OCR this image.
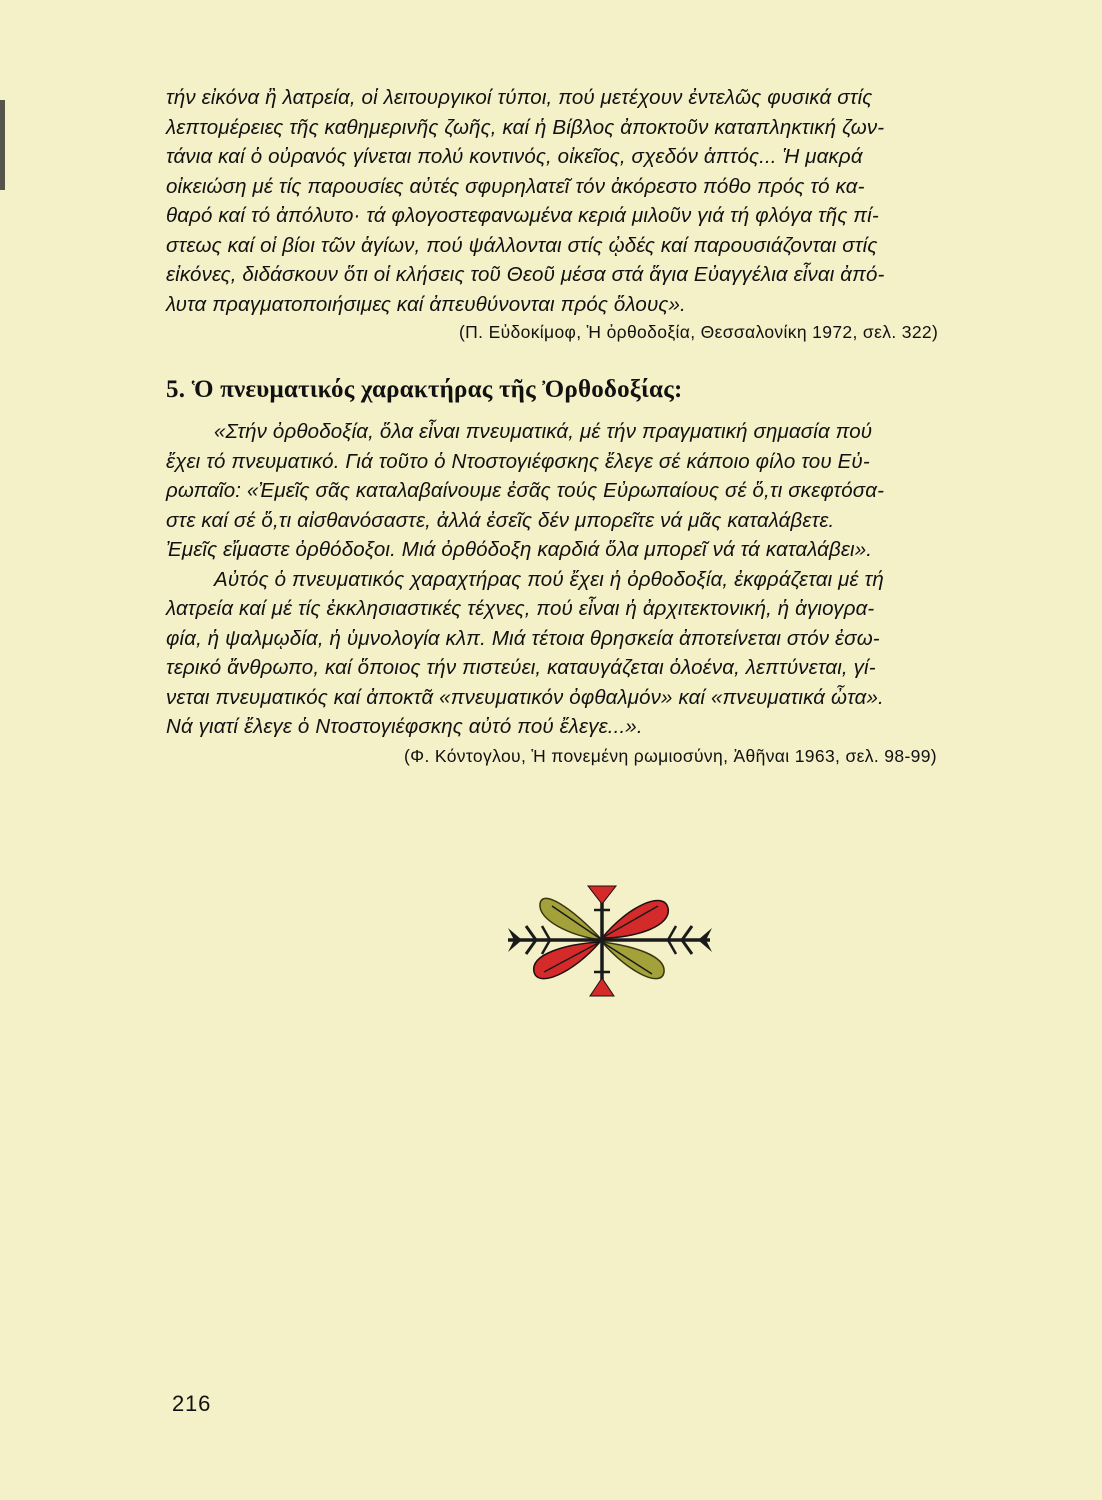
τήν εἰκόνα ἢ λατρεία, οἱ λειτουργικοί τύποι, πού μετέχουν ἐντελῶς φυσικά στίς
λεπτομέρειες τῆς καθημερινῆς ζωῆς, καί ἡ Βίβλος ἀποκτοῦν καταπληκτική ζων-
τάνια καί ὁ οὐρανός γίνεται πολύ κοντινός, οἰκεῖος, σχεδόν ἁπτός... Ἡ μακρά
οἰκειώση μέ τίς παρουσίες αὐτές σφυρηλατεῖ τόν ἀκόρεστο πόθο πρός τό κα-
θαρό καί τό ἀπόλυτο· τά φλογοστεφανωμένα κεριά μιλοῦν γιά τή φλόγα τῆς πί-
στεως καί οἱ βίοι τῶν ἁγίων, πού ψάλλονται στίς ᾠδές καί παρουσιάζονται στίς
εἰκόνες, διδάσκουν ὅτι οἱ κλήσεις τοῦ Θεοῦ μέσα στά ἅγια Εὐαγγέλια εἶναι ἀπό-
λυτα πραγματοποιήσιμες καί ἀπευθύνονται πρός ὅλους».
(Π. Εὐδοκίμοφ, Ἡ ὀρθοδοξία, Θεσσαλονίκη 1972, σελ. 322)
5. Ὁ πνευματικός χαρακτήρας τῆς Ὀρθοδοξίας:
«Στήν ὀρθοδοξία, ὅλα εἶναι πνευματικά, μέ τήν πραγματική σημασία πού
ἔχει τό πνευματικό. Γιά τοῦτο ὁ Ντοστογιέφσκης ἔλεγε σέ κάποιο φίλο του Εὐ-
ρωπαῖο: «Ἐμεῖς σᾶς καταλαβαίνουμε ἐσᾶς τούς Εὐρωπαίους σέ ὅ,τι σκεφτόσα-
στε καί σέ ὅ,τι αἰσθανόσαστε, ἀλλά ἐσεῖς δέν μπορεῖτε νά μᾶς καταλάβετε.
Ἐμεῖς εἴμαστε ὀρθόδοξοι. Μιά ὀρθόδοξη καρδιά ὅλα μπορεῖ νά τά καταλάβει».
Αὐτός ὁ πνευματικός χαραχτήρας πού ἔχει ἡ ὀρθοδοξία, ἐκφράζεται μέ τή
λατρεία καί μέ τίς ἐκκλησιαστικές τέχνες, πού εἶναι ἡ ἀρχιτεκτονική, ἡ ἁγιογρα-
φία, ἡ ψαλμῳδία, ἡ ὑμνολογία κλπ. Μιά τέτοια θρησκεία ἀποτείνεται στόν ἐσω-
τερικό ἄνθρωπο, καί ὅποιος τήν πιστεύει, καταυγάζεται ὁλοένα, λεπτύνεται, γί-
νεται πνευματικός καί ἀποκτᾶ «πνευματικόν ὀφθαλμόν» καί «πνευματικά ὦτα».
Νά γιατί ἔλεγε ὁ Ντοστογιέφσκης αὐτό πού ἔλεγε...».
(Φ. Κόντογλου, Ἡ πονεμένη ρωμιοσύνη, Ἀθῆναι 1963, σελ. 98-99)
216
